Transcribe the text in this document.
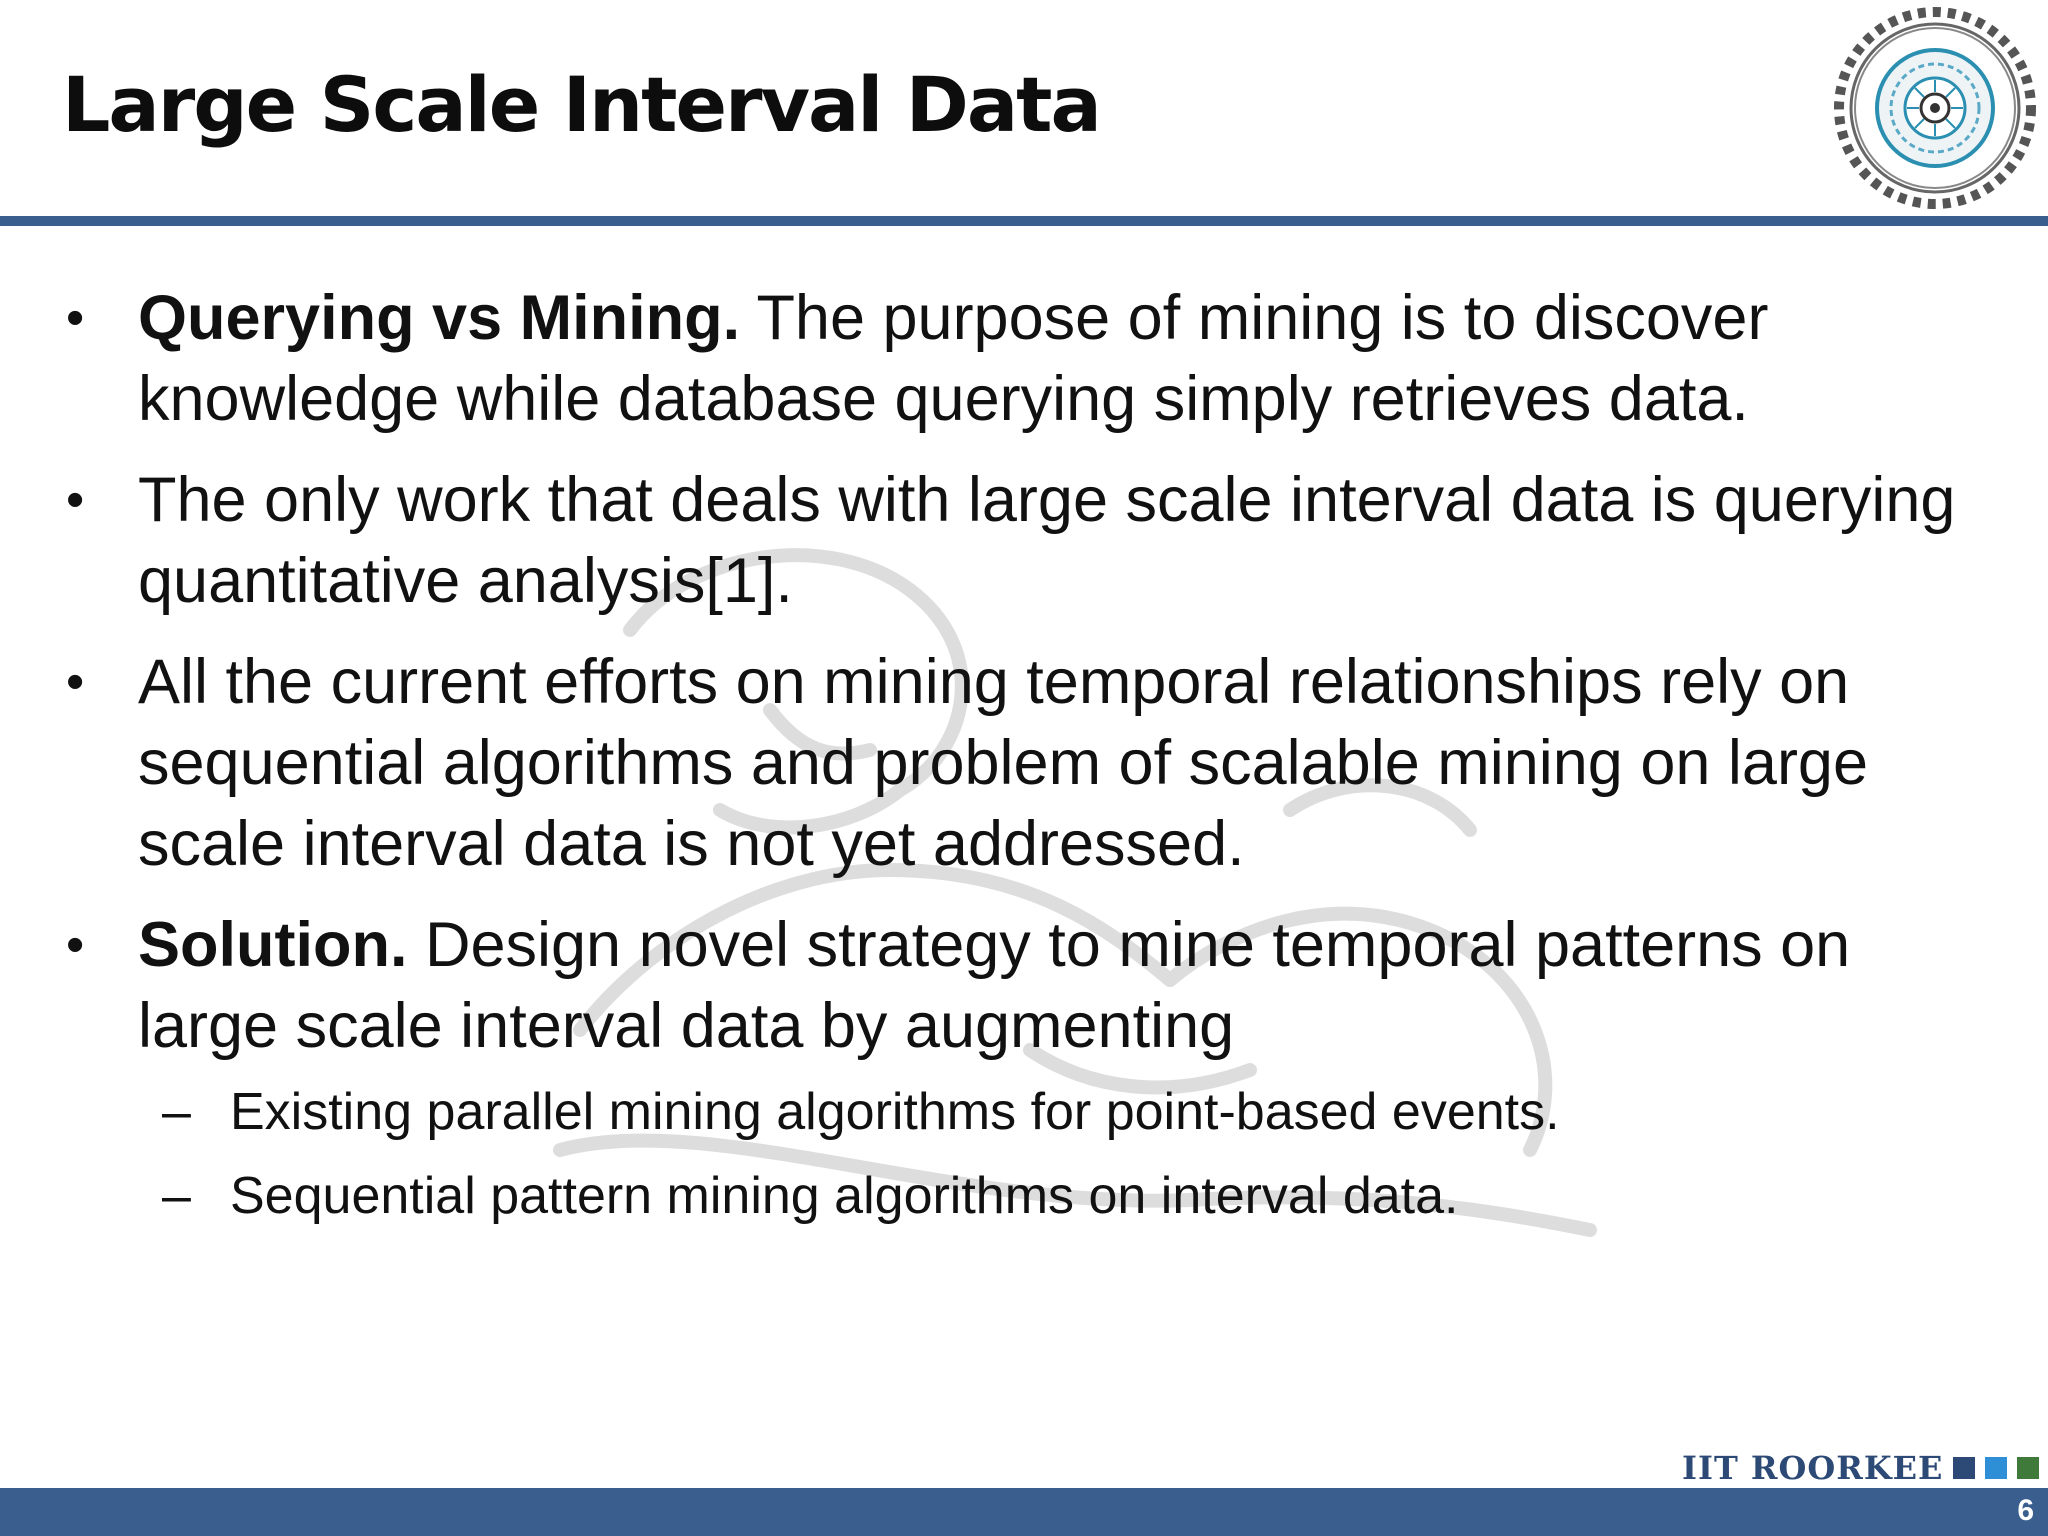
Large Scale Interval Data
• Querying vs Mining. The purpose of mining is to discover knowledge while database querying simply retrieves data.
• The only work that deals with large scale interval data is querying quantitative analysis[1].
• All the current efforts on mining temporal relationships rely on sequential algorithms and problem of scalable mining on large scale interval data is not yet addressed.
• Solution. Design novel strategy to mine temporal patterns on large scale interval data by augmenting
– Existing parallel mining algorithms for point-based events.
– Sequential pattern mining algorithms on interval data.
IIT ROORKEE
6
